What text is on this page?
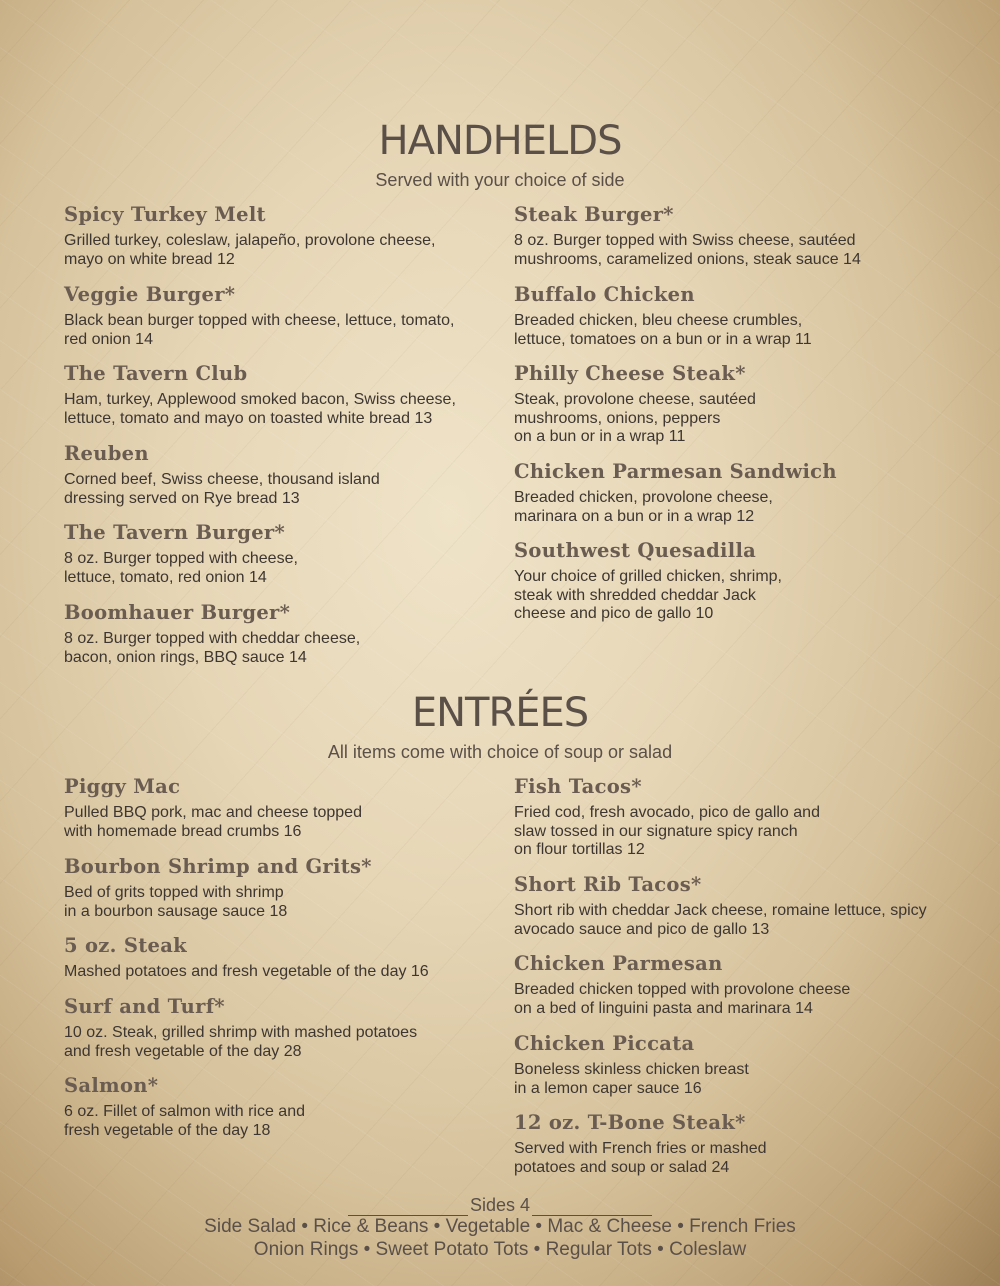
HANDHELDS
Served with your choice of side
Spicy Turkey Melt
Grilled turkey, coleslaw, jalapeño, provolone cheese,
mayo on white bread 12
Veggie Burger*
Black bean burger topped with cheese, lettuce, tomato,
red onion 14
The Tavern Club
Ham, turkey, Applewood smoked bacon, Swiss cheese,
lettuce, tomato and mayo on toasted white bread 13
Reuben
Corned beef, Swiss cheese, thousand island
dressing served on Rye bread 13
The Tavern Burger*
8 oz. Burger topped with cheese,
lettuce, tomato, red onion 14
Boomhauer Burger*
8 oz. Burger topped with cheddar cheese,
bacon, onion rings, BBQ sauce 14
Steak Burger*
8 oz. Burger topped with Swiss cheese, sautéed
mushrooms, caramelized onions, steak sauce 14
Buffalo Chicken
Breaded chicken, bleu cheese crumbles,
lettuce, tomatoes on a bun or in a wrap 11
Philly Cheese Steak*
Steak, provolone cheese, sautéed
mushrooms, onions, peppers
on a bun or in a wrap 11
Chicken Parmesan Sandwich
Breaded chicken, provolone cheese,
marinara on a bun or in a wrap 12
Southwest Quesadilla
Your choice of grilled chicken, shrimp,
steak with shredded cheddar Jack
cheese and pico de gallo 10
ENTRÉES
All items come with choice of soup or salad
Piggy Mac
Pulled BBQ pork, mac and cheese topped
with homemade bread crumbs 16
Bourbon Shrimp and Grits*
Bed of grits topped with shrimp
in a bourbon sausage sauce 18
5 oz. Steak
Mashed potatoes and fresh vegetable of the day 16
Surf and Turf*
10 oz. Steak, grilled shrimp with mashed potatoes
and fresh vegetable of the day 28
Salmon*
6 oz. Fillet of salmon with rice and
fresh vegetable of the day 18
Fish Tacos*
Fried cod, fresh avocado, pico de gallo and
slaw tossed in our signature spicy ranch
on flour tortillas 12
Short Rib Tacos*
Short rib with cheddar Jack cheese, romaine lettuce, spicy
avocado sauce and pico de gallo 13
Chicken Parmesan
Breaded chicken topped with provolone cheese
on a bed of linguini pasta and marinara 14
Chicken Piccata
Boneless skinless chicken breast
in a lemon caper sauce 16
12 oz. T-Bone Steak*
Served with French fries or mashed
potatoes and soup or salad 24
Sides 4
Side Salad • Rice & Beans • Vegetable • Mac & Cheese • French Fries
Onion Rings • Sweet Potato Tots • Regular Tots • Coleslaw
